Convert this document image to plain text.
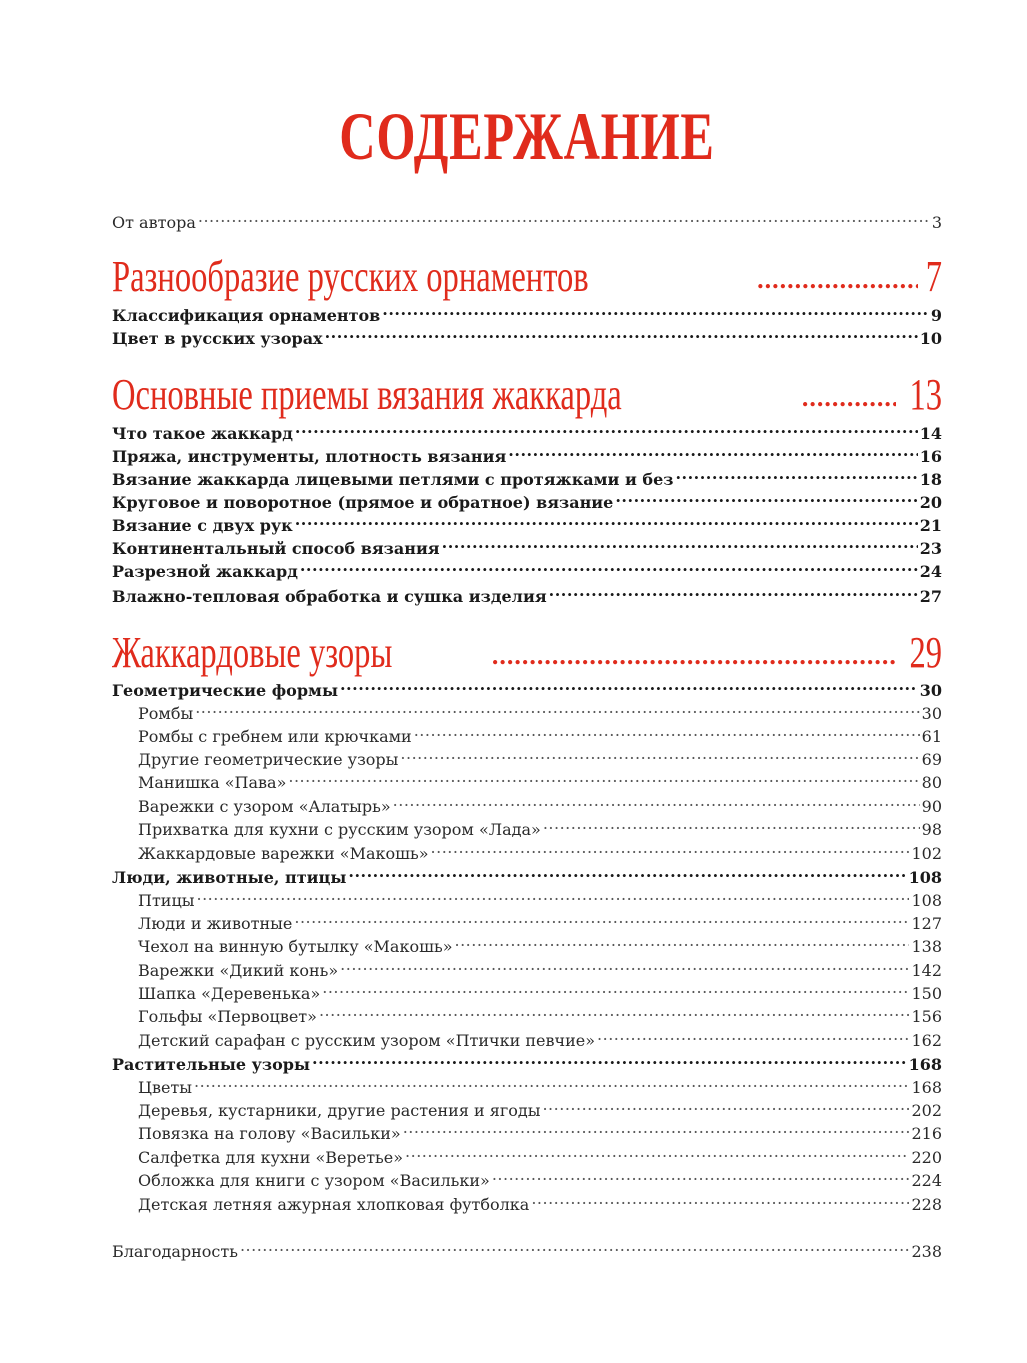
СОДЕРЖАНИЕ
От автора .....	3
Разнообразие русских орнаментов .....	7
Классификация орнаментов .....	9
Цвет в русских узорах .....	10
Основные приемы вязания жаккарда .....	13
Что такое жаккард .....	14
Пряжа, инструменты, плотность вязания .....	16
Вязание жаккарда лицевыми петлями с протяжками и без .....	18
Круговое и поворотное (прямое и обратное) вязание .....	20
Вязание с двух рук .....	21
Континентальный способ вязания .....	23
Разрезной жаккард .....	24
Влажно-тепловая обработка и сушка изделия .....	27
Жаккардовые узоры .....	29
Геометрические формы .....	30
Ромбы .....	30
Ромбы с гребнем или крючками .....	61
Другие геометрические узоры .....	69
Манишка «Пава» .....	80
Варежки с узором «Алатырь» .....	90
Прихватка для кухни с русским узором «Лада» .....	98
Жаккардовые варежки «Макошь» .....	102
Люди, животные, птицы .....	108
Птицы .....	108
Люди и животные .....	127
Чехол на винную бутылку «Макошь» .....	138
Варежки «Дикий конь» .....	142
Шапка «Деревенька» .....	150
Гольфы «Первоцвет» .....	156
Детский сарафан с русским узором «Птички певчие» .....	162
Растительные узоры .....	168
Цветы .....	168
Деревья, кустарники, другие растения и ягоды .....	202
Повязка на голову «Васильки» .....	216
Салфетка для кухни «Веретье» .....	220
Обложка для книги с узором «Васильки» .....	224
Детская летняя ажурная хлопковая футболка .....	228
Благодарность .....	238
